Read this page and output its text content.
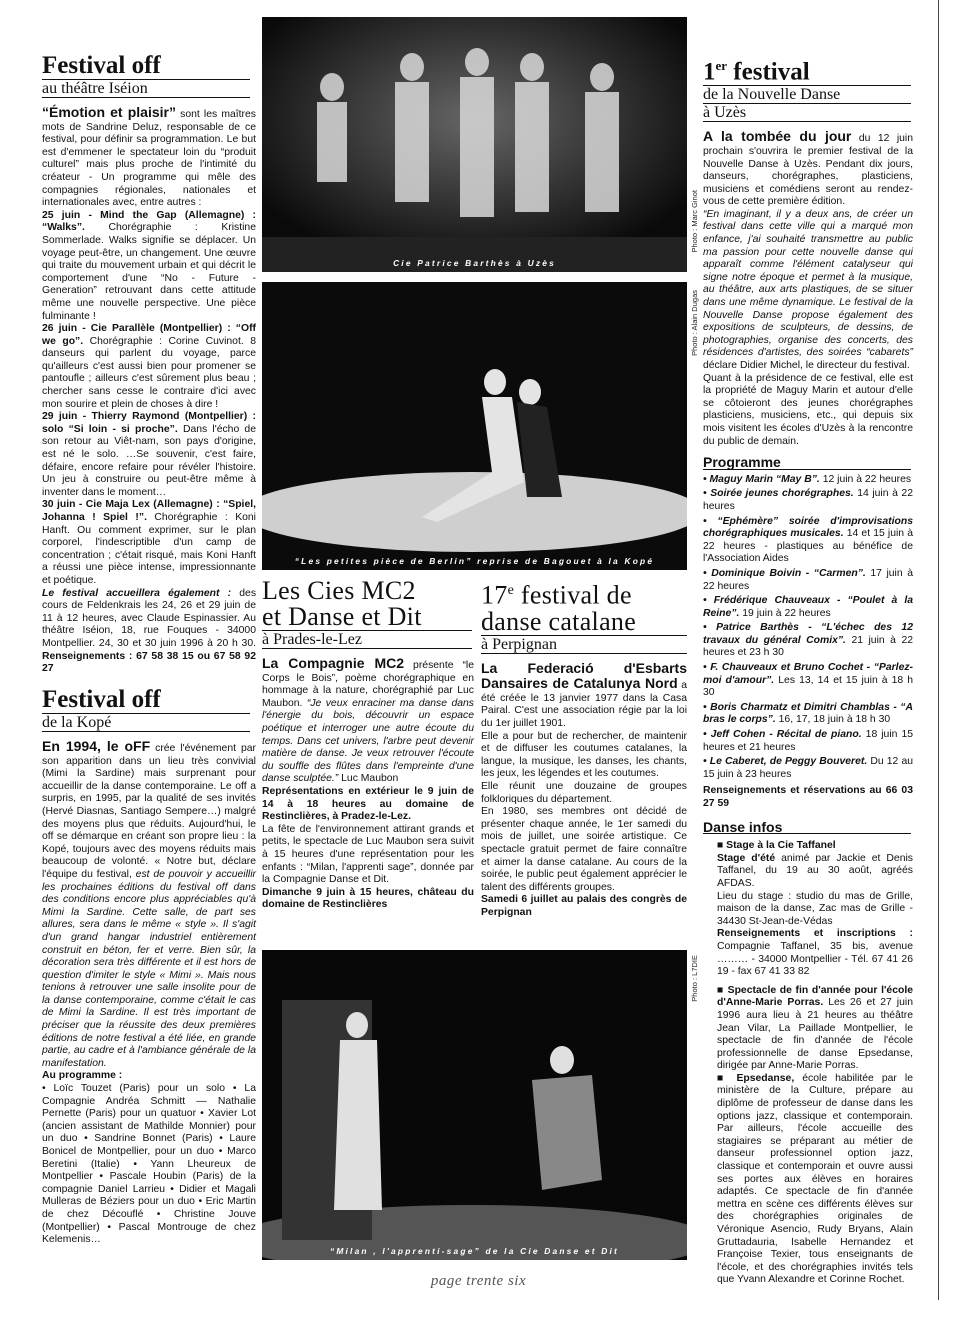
Festival off
au théâtre Iséion

“Émotion et plaisir” sont les maîtres mots de Sandrine Deluz, responsable de ce festival, pour définir sa programmation. Le but est d'emmener le spectateur loin du “produit culturel” mais plus proche de l'intimité du créateur - Un programme qui mêle des compagnies régionales, nationales et internationales avec, entre autres :

25 juin - Mind the Gap (Allemagne) : “Walks”. Chorégraphie : Kristine Sommerlade. Walks signifie se déplacer. Un voyage peut-être, un changement. Une œuvre qui traite du mouvement urbain et qui décrit le comportement d'une “No - Future - Generation” retrouvant dans cette attitude même une nouvelle perspective. Une pièce fulminante !

26 juin - Cie Parallèle (Montpellier) : “Off we go”. Chorégraphie : Corine Cuvinot. 8 danseurs qui parlent du voyage, parce qu'ailleurs c'est aussi bien pour promener se pantoufle ; ailleurs c'est sûrement plus beau ; chercher sans cesse le contraire d'ici avec mon sourire et plein de choses à dire !

29 juin - Thierry Raymond (Montpellier) : solo “Si loin - si proche”. Dans l'écho de son retour au Viêt-nam, son pays d'origine, est né le solo. …Se souvenir, c'est faire, défaire, encore refaire pour révéler l'histoire. Un jeu à construire ou peut-être même à inventer dans le moment…

30 juin - Cie Maja Lex (Allemagne) : “Spiel, Johanna ! Spiel !”. Chorégraphie : Koni Hanft. Ou comment exprimer, sur le plan corporel, l'indescriptible d'un camp de concentration ; c'était risqué, mais Koni Hanft a réussi une pièce intense, impressionnante et poétique.

Le festival accueillera également : des cours de Feldenkrais les 24, 26 et 29 juin de 11 à 12 heures, avec Claude Espinassier. Au théâtre Iséion, 18, rue Fouques - 34000 Montpellier. 24, 30 et 30 juin 1996 à 20 h 30. Renseignements : 67 58 38 15 ou 67 58 92 27

Festival off
de la Kopé

En 1994, le oFF crée l'événement par son apparition dans un lieu très convivial (Mimi la Sardine) mais surprenant pour accueillir de la danse contemporaine. Le off a surpris, en 1995, par la qualité de ses invités (Hervé Diasnas, Santiago Sempere…) malgré des moyens plus que réduits. Aujourd'hui, le off se démarque en créant son propre lieu : la Kopé, toujours avec des moyens réduits mais beaucoup de volonté. « Notre but, déclare l'équipe du festival, est de pouvoir y accueillir les prochaines éditions du festival off dans des conditions encore plus appréciables qu'à Mimi la Sardine. Cette salle, de part ses allures, sera dans le même « style ». Il s'agit d'un grand hangar industriel entièrement construit en béton, fer et verre. Bien sûr, la décoration sera très différente et il est hors de question d'imiter le style « Mimi ». Mais nous tenions à retrouver une salle insolite pour de la danse contemporaine, comme c'était le cas de Mimi la Sardine. Il est très important de préciser que la réussite des deux premières éditions de notre festival a été liée, en grande partie, au cadre et à l'ambiance générale de la manifestation.

Au programme :

• Loïc Touzet (Paris) pour un solo • La Compagnie Andréa Schmitt — Nathalie Pernette (Paris) pour un quatuor • Xavier Lot (ancien assistant de Mathilde Monnier) pour un duo • Sandrine Bonnet (Paris) • Laure Bonicel de Montpellier, pour un duo • Marco Beretini (Italie) • Yann Lheureux de Montpellier • Pascale Houbin (Paris) de la compagnie Daniel Larrieu • Didier et Magali Mulleras de Béziers pour un duo • Eric Martin de chez Découflé • Christine Jouve (Montpellier) • Pascal Montrouge de chez Kelemenis…

Cie Patrice Barthès à Uzès
Photo : Marc Ginot
“Les petites pièce de Berlin” reprise de Bagouet à la Kopé
Photo : Alain Dugas
Les Cies MC2
et Danse et Dit
à Prades-le-Lez

La Compagnie MC2 présente “le Corps le Bois”, poème chorégraphique en hommage à la nature, chorégraphié par Luc Maubon. “Je veux enraciner ma danse dans l'énergie du bois, découvrir un espace poétique et interroger une autre écoute du temps. Dans cet univers, l'arbre peut devenir matière de danse. Je veux retrouver l'écoute du souffle des flûtes dans l'empreinte d'une danse sculptée.” Luc Maubon

Représentations en extérieur le 9 juin de 14 à 18 heures au domaine de Restinclières, à Pradez-le-Lez.

La fête de l'environnement attirant grands et petits, le spectacle de Luc Maubon sera suivit à 15 heures d'une représentation pour les enfants : “Milan, l'apprenti sage”, donnée par la Compagnie Danse et Dit.

Dimanche 9 juin à 15 heures, château du domaine de Restinclières

17e festival de
danse catalane
à Perpignan

La Federació d'Esbarts Dansaires de Catalunya Nord a été créée le 13 janvier 1977 dans la Casa Pairal. C'est une association régie par la loi du 1er juillet 1901.

Elle a pour but de rechercher, de maintenir et de diffuser les coutumes catalanes, la langue, la musique, les danses, les chants, les jeux, les légendes et les coutumes.

Elle réunit une douzaine de groupes folkloriques du département.

En 1980, ses membres ont décidé de présenter chaque année, le 1er samedi du mois de juillet, une soirée artistique. Ce spectacle gratuit permet de faire connaître et aimer la danse catalane. Au cours de la soirée, le public peut également apprécier le talent des différents groupes.

Samedi 6 juillet au palais des congrès de Perpignan

“Milan , l'apprenti-sage” de la Cie Danse et Dit
Photo : L7DIE
1er festival
de la Nouvelle Danse
à Uzès

A la tombée du jour du 12 juin prochain s'ouvrira le premier festival de la Nouvelle Danse à Uzès. Pendant dix jours, danseurs, chorégraphes, plasticiens, musiciens et comédiens seront au rendez-vous de cette première édition.

“En imaginant, il y a deux ans, de créer un festival dans cette ville qui a marqué mon enfance, j'ai souhaité transmettre au public ma passion pour cette nouvelle danse qui apparaît comme l'élément catalyseur qui signe notre époque et permet à la musique, au théâtre, aux arts plastiques, de se situer dans une même dynamique. Le festival de la Nouvelle Danse propose également des expositions de sculpteurs, de dessins, de photographies, organise des concerts, des résidences d'artistes, des soirées “cabarets” déclare Didier Michel, le directeur du festival.

Quant à la présidence de ce festival, elle est la propriété de Maguy Marin et autour d'elle se côtoieront des jeunes chorégraphes plasticiens, musiciens, etc., qui depuis six mois visitent les écoles d'Uzès à la rencontre du public de demain.

Programme
• Maguy Marin “May B”. 12 juin à 22 heures
• Soirée jeunes chorégraphes. 14 juin à 22 heures
• “Ephémère” soirée d'improvisations chorégraphiques musicales. 14 et 15 juin à 22 heures - plastiques au bénéfice de l'Association Aides
• Dominique Boivin - “Carmen”. 17 juin à 22 heures
• Frédérique Chauveaux - “Poulet à la Reine”. 19 juin à 22 heures
• Patrice Barthès - “L'échec des 12 travaux du général Comix”. 21 juin à 22 heures et 23 h 30
• F. Chauveaux et Bruno Cochet - “Parlez-moi d'amour”. Les 13, 14 et 15 juin à 18 h 30
• Boris Charmatz et Dimitri Chamblas - “A bras le corps”. 16, 17, 18 juin à 18 h 30
• Jeff Cohen - Récital de piano. 18 juin 15 heures et 21 heures
• Le Caberet, de Peggy Bouveret. Du 12 au 15 juin à 23 heures

Renseignements et réservations au 66 03 27 59

Danse infos

■ Stage à la Cie Taffanel

Stage d'été animé par Jackie et Denis Taffanel, du 19 au 30 août, agréés AFDAS.

Lieu du stage : studio du mas de Grille, maison de la danse, Zac mas de Grille - 34430 St-Jean-de-Védas

Renseignements et inscriptions : Compagnie Taffanel, 35 bis, avenue ……… - 34000 Montpellier - Tél. 67 41 26 19 - fax 67 41 33 82

■ Spectacle de fin d'année pour l'école d'Anne-Marie Porras. Les 26 et 27 juin 1996 aura lieu à 21 heures au théâtre Jean Vilar, La Paillade Montpellier, le spectacle de fin d'année de l'école professionnelle de danse Epsedanse, dirigée par Anne-Marie Porras.

■ Epsedanse, école habilitée par le ministère de la Culture, prépare au diplôme de professeur de danse dans les options jazz, classique et contemporain. Par ailleurs, l'école accueille des stagiaires se préparant au métier de danseur professionnel option jazz, classique et contemporain et ouvre aussi ses portes aux élèves en horaires adaptés. Ce spectacle de fin d'année mettra en scène ces différents élèves sur des chorégraphies originales de Véronique Asencio, Rudy Bryans, Alain Gruttadauria, Isabelle Hernandez et Françoise Texier, tous enseignants de l'école, et des chorégraphies invités tels que Yvann Alexandre et Corinne Rochet.

page trente six
